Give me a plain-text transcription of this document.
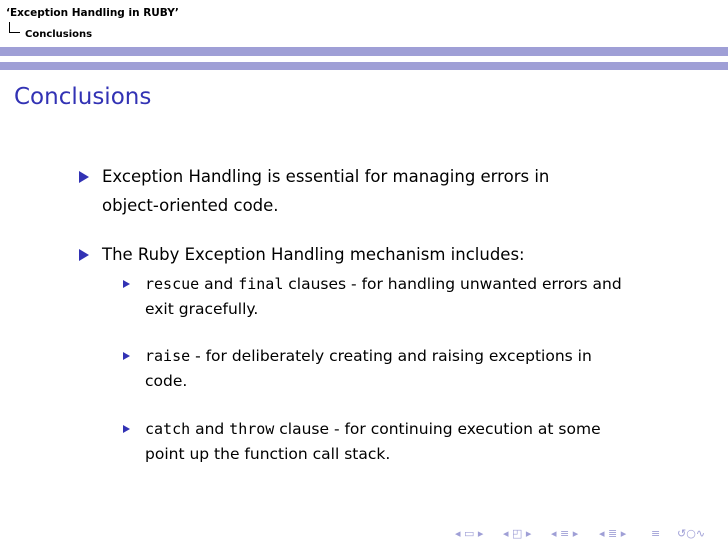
‘Exception Handling in RUBY’
Conclusions
Conclusions
Exception Handling is essential for managing errors in
object-oriented code.
The Ruby Exception Handling mechanism includes:
rescue and final clauses - for handling unwanted errors and
exit gracefully.
raise - for deliberately creating and raising exceptions in
code.
catch and throw clause - for continuing execution at some
point up the function call stack.
◂ ▭ ▸ ◂ ◰ ▸ ◂ ≡ ▸ ◂ ≣ ▸ ≡ ↺○∿
